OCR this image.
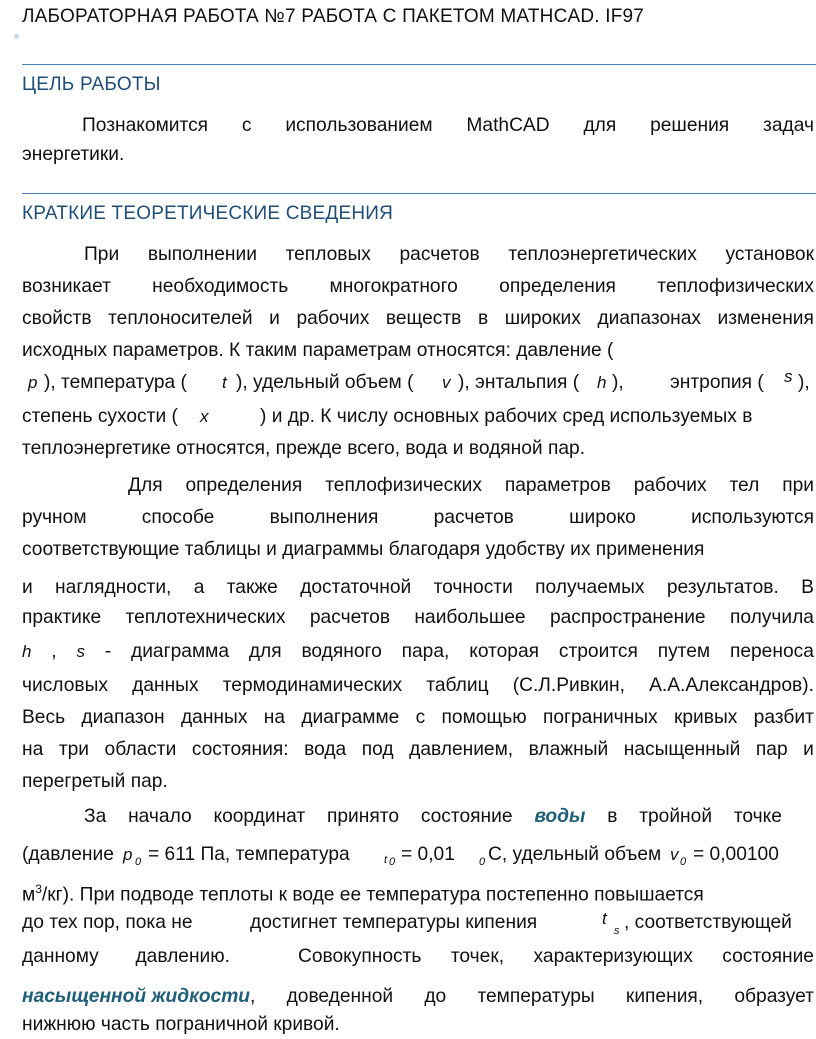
ЛАБОРАТОРНАЯ РАБОТА №7 РАБОТА С ПАКЕТОМ MATHCAD. IF97
ЦЕЛЬ РАБОТЫ
Познакомится с использованием MathCAD для решения задач
энергетики.
КРАТКИЕ ТЕОРЕТИЧЕСКИЕ СВЕДЕНИЯ
При выполнении тепловых расчетов теплоэнергетических установок
возникает необходимость многократного определения теплофизических
свойств теплоносителей и рабочих веществ в широких диапазонах изменения
исходных параметров. К таким параметрам относятся: давление (
p ), температура ( t ), удельный объем ( v ), энтальпия ( h ), энтропия ( s ),
степень сухости ( x	) и др. К числу основных рабочих сред используемых в
теплоэнергетике относятся, прежде всего, вода и водяной пар.
Для определения теплофизических параметров рабочих тел при
ручном	способе	выполнения	расчетов	широко	используются
соответствующие таблицы и диаграммы благодаря удобству их применения
и наглядности, а также достаточной точности получаемых результатов. В
практике теплотехнических расчетов наибольшее распространение получила
h , s - диаграмма для водяного пара, которая строится путем переноса
числовых данных термодинамических таблиц (С.Л.Ривкин, А.А.Александров).
Весь диапазон данных на диаграмме с помощью пограничных кривых разбит
на три области состояния: вода под давлением, влажный насыщенный пар и
перегретый пар.
За начало координат принято состояние воды в тройной точке
(давление p 0 = 611 Па, температура	t 0 = 0,01 0 С, удельный объем v 0 = 0,00100
$м^3/кг$). При подводе теплоты к воде ее температура постепенно повышается
до тех пор, пока не	достигнет температуры кипения	t
s , соответствующей
данному давлению.	Совокупность точек, характеризующих состояние
насыщенной жидкости, доведенной до температуры кипения, образует
нижнюю часть пограничной кривой.
